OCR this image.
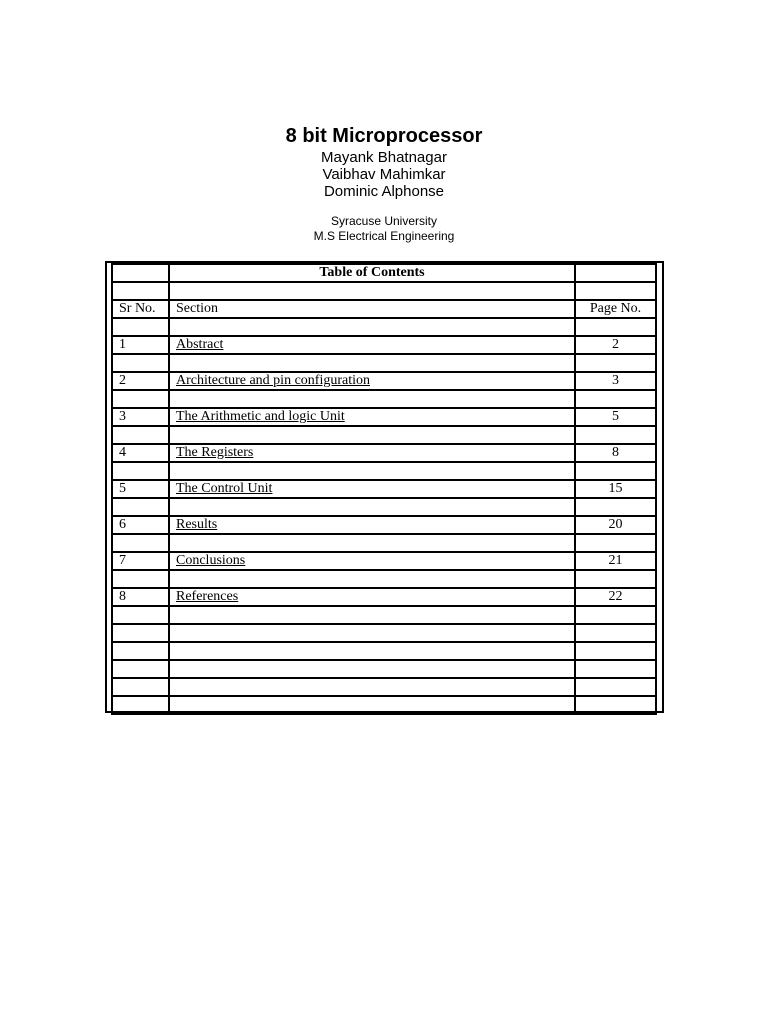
8 bit Microprocessor
Mayank Bhatnagar
Vaibhav Mahimkar
Dominic Alphonse
Syracuse University
M.S Electrical Engineering
	Table of Contents	

Sr No.	Section	Page No.

1	Abstract	2

2	Architecture and pin configuration	3

3	The Arithmetic and logic Unit	5

4	The Registers	8

5	The Control Unit	15

6	Results	20

7	Conclusions	21

8	References	22
